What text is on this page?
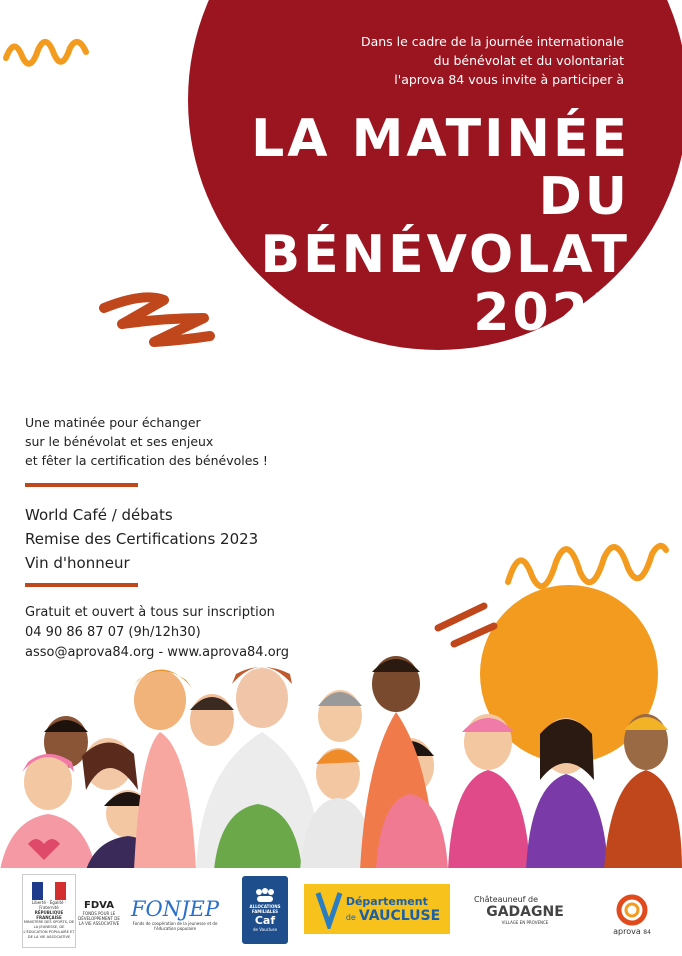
Dans le cadre de la journée internationale
du bénévolat et du volontariat
l'aprova 84 vous invite à participer à
LA MATINÉE
DU
BÉNÉVOLAT
2023
MARDI 05 DÉCEMBRE 2023 - 9H/14H
SALLE DES FETES PARC DE L'ARBOUSIÈRE
84470 CHATEAUNEUF-DE-GADAGNE
Une matinée pour échanger
sur le bénévolat et ses enjeux
et fêter la certification des bénévoles !
World Café / débats
Remise des Certifications 2023
Vin d'honneur
Gratuit et ouvert à tous sur inscription
04 90 86 87 07 (9h/12h30)
asso@aprova84.org - www.aprova84.org
Liberté · Égalité · Fraternité
RÉPUBLIQUE FRANÇAISE
MINISTÈRE DES SPORTS, DE LA JEUNESSE, DE L'ÉDUCATION POPULAIRE ET DE LA VIE ASSOCIATIVE
FDVA
FONDS POUR LE DÉVELOPPEMENT DE LA VIE ASSOCIATIVE
FONJEP
Fonds de coopération de la jeunesse et de l'éducation populaire
ALLOCATIONS FAMILIALES
Caf
de Vaucluse
Département
de VAUCLUSE
Châteauneuf de
GADAGNE
VILLAGE EN PROVENCE
aprova 84
